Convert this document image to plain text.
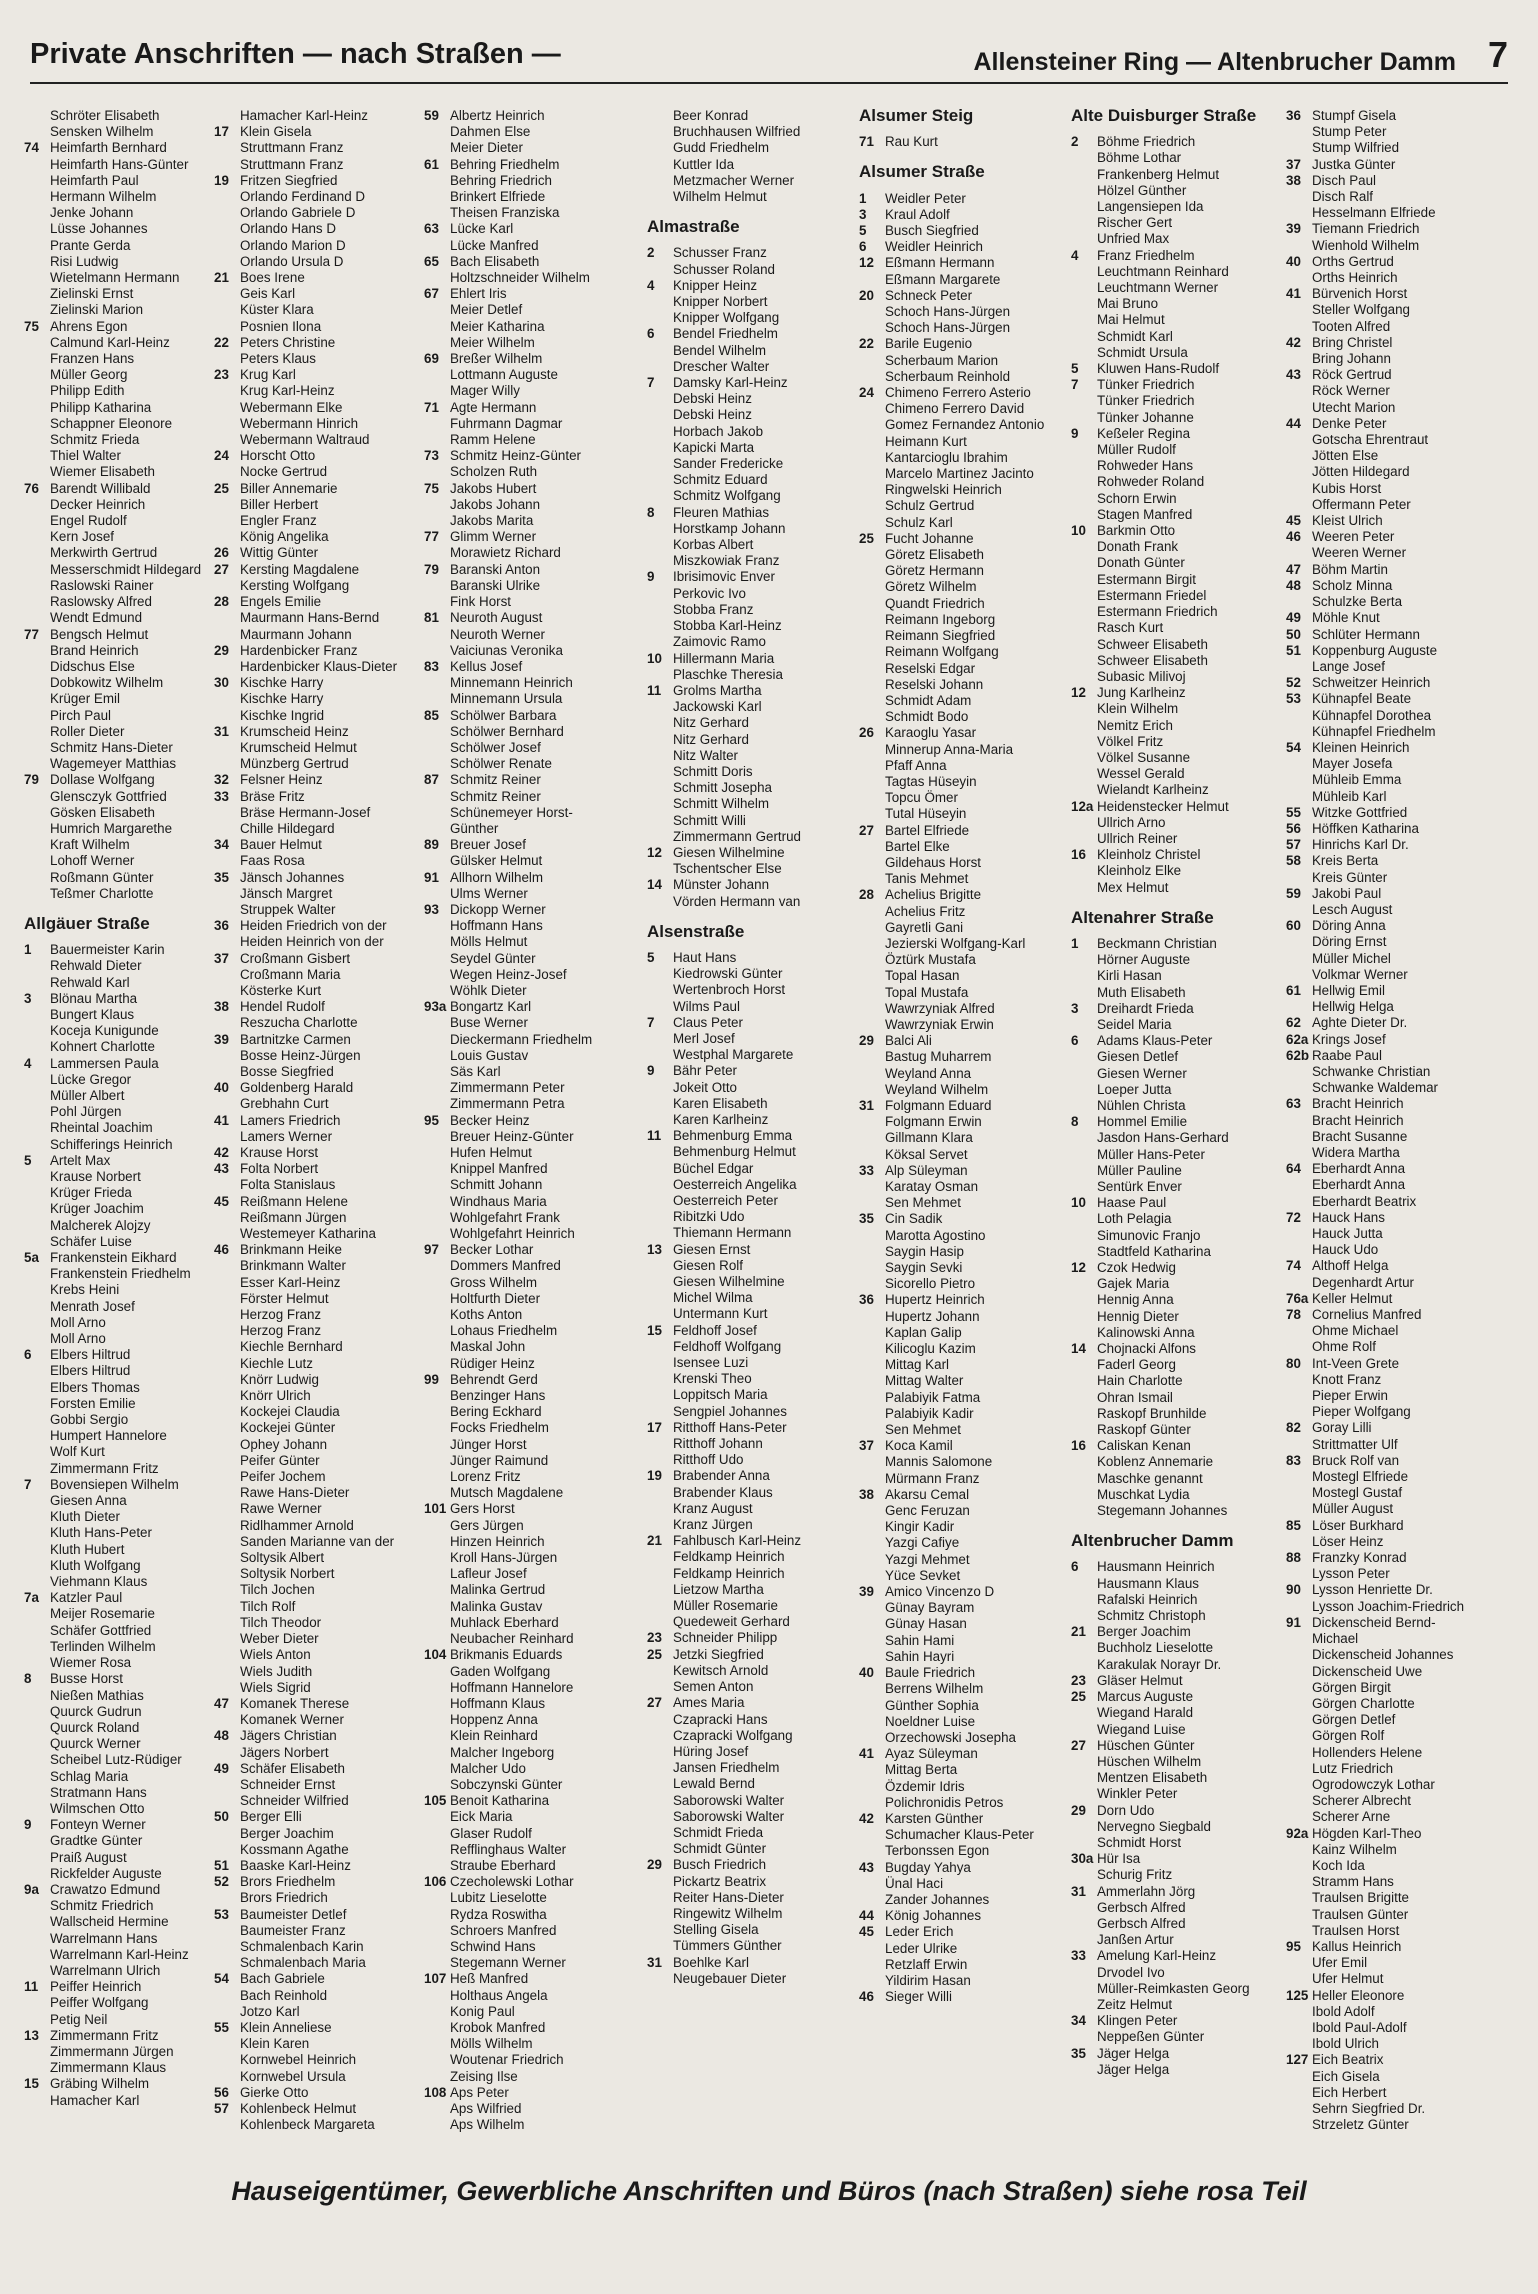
Private Anschriften — nach Straßen —	Allensteiner Ring — Altenbrucher Damm 7
Schröter Elisabeth
Sensken Wilhelm
74 Heimfarth Bernhard
Heimfarth Hans-Günter
Heimfarth Paul
Hermann Wilhelm
Jenke Johann
Lüsse Johannes
Prante Gerda
Risi Ludwig
Wietelmann Hermann
Zielinski Ernst
Zielinski Marion
75 Ahrens Egon
Calmund Karl-Heinz
Franzen Hans
Müller Georg
Philipp Edith
Philipp Katharina
Schappner Eleonore
Schmitz Frieda
Thiel Walter
Wiemer Elisabeth
76 Barendt Willibald
Decker Heinrich
Engel Rudolf
Kern Josef
Merkwirth Gertrud
Messerschmidt Hildegard
Raslowski Rainer
Raslowsky Alfred
Wendt Edmund
77 Bengsch Helmut
Brand Heinrich
Didschus Else
Dobkowitz Wilhelm
Krüger Emil
Pirch Paul
Roller Dieter
Schmitz Hans-Dieter
Wagemeyer Matthias
79 Dollase Wolfgang
Glensczyk Gottfried
Gösken Elisabeth
Humrich Margarethe
Kraft Wilhelm
Lohoff Werner
Roßmann Günter
Teßmer Charlotte
Allgäuer Straße
1 Bauermeister Karin
Rehwald Dieter
Rehwald Karl
3 Blönau Martha
Bungert Klaus
Koceja Kunigunde
Kohnert Charlotte
4 Lammersen Paula
Lücke Gregor
Müller Albert
Pohl Jürgen
Rheintal Joachim
Schifferings Heinrich
5 Artelt Max
Krause Norbert
Krüger Frieda
Krüger Joachim
Malcherek Alojzy
Schäfer Luise
5a Frankenstein Eikhard
Frankenstein Friedhelm
Krebs Heini
Menrath Josef
Moll Arno
Moll Arno
6 Elbers Hiltrud
Elbers Hiltrud
Elbers Thomas
Forsten Emilie
Gobbi Sergio
Humpert Hannelore
Wolf Kurt
Zimmermann Fritz
7 Bovensiepen Wilhelm
Giesen Anna
Kluth Dieter
Kluth Hans-Peter
Kluth Hubert
Kluth Wolfgang
Viehmann Klaus
7a Katzler Paul
Meijer Rosemarie
Schäfer Gottfried
Terlinden Wilhelm
Wiemer Rosa
8 Busse Horst
Nießen Mathias
Quurck Gudrun
Quurck Roland
Quurck Werner
Scheibel Lutz-Rüdiger
Schlag Maria
Stratmann Hans
Wilmschen Otto
9 Fonteyn Werner
Gradtke Günter
Praiß August
Rickfelder Auguste
9a Crawatzo Edmund
Schmitz Friedrich
Wallscheid Hermine
Warrelmann Hans
Warrelmann Karl-Heinz
Warrelmann Ulrich
11 Peiffer Heinrich
Peiffer Wolfgang
Petig Neil
13 Zimmermann Fritz
Zimmermann Jürgen
Zimmermann Klaus
15 Gräbing Wilhelm
Hamacher Karl
Hamacher Karl-Heinz
17 Klein Gisela
Struttmann Franz
Struttmann Franz
19 Fritzen Siegfried
Orlando Ferdinand D
Orlando Gabriele D
Orlando Hans D
Orlando Marion D
Orlando Ursula D
21 Boes Irene
Geis Karl
Küster Klara
Posnien Ilona
22 Peters Christine
Peters Klaus
23 Krug Karl
Krug Karl-Heinz
Webermann Elke
Webermann Hinrich
Webermann Waltraud
24 Horscht Otto
Nocke Gertrud
25 Biller Annemarie
Biller Herbert
Engler Franz
König Angelika
26 Wittig Günter
27 Kersting Magdalene
Kersting Wolfgang
28 Engels Emilie
Maurmann Hans-Bernd
Maurmann Johann
29 Hardenbicker Franz
Hardenbicker Klaus-Dieter
30 Kischke Harry
Kischke Harry
Kischke Ingrid
31 Krumscheid Heinz
Krumscheid Helmut
Münzberg Gertrud
32 Felsner Heinz
33 Bräse Fritz
Bräse Hermann-Josef
Chille Hildegard
34 Bauer Helmut
Faas Rosa
35 Jänsch Johannes
Jänsch Margret
Struppek Walter
36 Heiden Friedrich von der
Heiden Heinrich von der
37 Croßmann Gisbert
Croßmann Maria
Kösterke Kurt
38 Hendel Rudolf
Reszucha Charlotte
39 Bartnitzke Carmen
Bosse Heinz-Jürgen
Bosse Siegfried
40 Goldenberg Harald
Grebhahn Curt
41 Lamers Friedrich
Lamers Werner
42 Krause Horst
43 Folta Norbert
Folta Stanislaus
45 Reißmann Helene
Reißmann Jürgen
Westemeyer Katharina
46 Brinkmann Heike
Brinkmann Walter
Esser Karl-Heinz
Förster Helmut
Herzog Franz
Herzog Franz
Kiechle Bernhard
Kiechle Lutz
Knörr Ludwig
Knörr Ulrich
Kockejei Claudia
Kockejei Günter
Ophey Johann
Peifer Günter
Peifer Jochem
Rawe Hans-Dieter
Rawe Werner
Ridlhammer Arnold
Sanden Marianne van der
Soltysik Albert
Soltysik Norbert
Tilch Jochen
Tilch Rolf
Tilch Theodor
Weber Dieter
Wiels Anton
Wiels Judith
Wiels Sigrid
47 Komanek Therese
Komanek Werner
48 Jägers Christian
Jägers Norbert
49 Schäfer Elisabeth
Schneider Ernst
Schneider Wilfried
50 Berger Elli
Berger Joachim
Kossmann Agathe
51 Baaske Karl-Heinz
52 Brors Friedhelm
Brors Friedrich
53 Baumeister Detlef
Baumeister Franz
Schmalenbach Karin
Schmalenbach Maria
54 Bach Gabriele
Bach Reinhold
Jotzo Karl
55 Klein Anneliese
Klein Karen
Kornwebel Heinrich
Kornwebel Ursula
56 Gierke Otto
57 Kohlenbeck Helmut
Kohlenbeck Margareta
59 Albertz Heinrich
Dahmen Else
Meier Dieter
61 Behring Friedhelm
Behring Friedrich
Brinkert Elfriede
Theisen Franziska
63 Lücke Karl
Lücke Manfred
65 Bach Elisabeth
Holtzschneider Wilhelm
67 Ehlert Iris
Meier Detlef
Meier Katharina
Meier Wilhelm
69 Breßer Wilhelm
Lottmann Auguste
Mager Willy
71 Agte Hermann
Fuhrmann Dagmar
Ramm Helene
73 Schmitz Heinz-Günter
Scholzen Ruth
75 Jakobs Hubert
Jakobs Johann
Jakobs Marita
77 Glimm Werner
Morawietz Richard
79 Baranski Anton
Baranski Ulrike
Fink Horst
81 Neuroth August
Neuroth Werner
Vaiciunas Veronika
83 Kellus Josef
Minnemann Heinrich
Minnemann Ursula
85 Schölwer Barbara
Schölwer Bernhard
Schölwer Josef
Schölwer Renate
87 Schmitz Reiner
Schmitz Reiner
Schünemeyer Horst-
Günther
89 Breuer Josef
Gülsker Helmut
91 Allhorn Wilhelm
Ulms Werner
93 Dickopp Werner
Hoffmann Hans
Mölls Helmut
Seydel Günter
Wegen Heinz-Josef
Wöhlk Dieter
93a Bongartz Karl
Buse Werner
Dieckermann Friedhelm
Louis Gustav
Säs Karl
Zimmermann Peter
Zimmermann Petra
95 Becker Heinz
Breuer Heinz-Günter
Hufen Helmut
Knippel Manfred
Schmitt Johann
Windhaus Maria
Wohlgefahrt Frank
Wohlgefahrt Heinrich
97 Becker Lothar
Dommers Manfred
Gross Wilhelm
Holtfurth Dieter
Koths Anton
Lohaus Friedhelm
Maskal John
Rüdiger Heinz
99 Behrendt Gerd
Benzinger Hans
Bering Eckhard
Focks Friedhelm
Jünger Horst
Jünger Raimund
Lorenz Fritz
Mutsch Magdalene
101 Gers Horst
Gers Jürgen
Hinzen Heinrich
Kroll Hans-Jürgen
Lafleur Josef
Malinka Gertrud
Malinka Gustav
Muhlack Eberhard
Neubacher Reinhard
104 Brikmanis Eduards
Gaden Wolfgang
Hoffmann Hannelore
Hoffmann Klaus
Hoppenz Anna
Klein Reinhard
Malcher Ingeborg
Malcher Udo
Sobczynski Günter
105 Benoit Katharina
Eick Maria
Glaser Rudolf
Refflinghaus Walter
Straube Eberhard
106 Czecholewski Lothar
Lubitz Lieselotte
Rydza Roswitha
Schroers Manfred
Schwind Hans
Stegemann Werner
107 Heß Manfred
Holthaus Angela
Konig Paul
Krobok Manfred
Mölls Wilhelm
Woutenar Friedrich
Zeising Ilse
108 Aps Peter
Aps Wilfried
Aps Wilhelm
Beer Konrad
Bruchhausen Wilfried
Gudd Friedhelm
Kuttler Ida
Metzmacher Werner
Wilhelm Helmut
Almastraße
2 Schusser Franz
Schusser Roland
4 Knipper Heinz
Knipper Norbert
Knipper Wolfgang
6 Bendel Friedhelm
Bendel Wilhelm
Drescher Walter
7 Damsky Karl-Heinz
Debski Heinz
Debski Heinz
Horbach Jakob
Kapicki Marta
Sander Fredericke
Schmitz Eduard
Schmitz Wolfgang
8 Fleuren Mathias
Horstkamp Johann
Korbas Albert
Miszkowiak Franz
9 Ibrisimovic Enver
Perkovic Ivo
Stobba Franz
Stobba Karl-Heinz
Zaimovic Ramo
10 Hillermann Maria
Plaschke Theresia
11 Grolms Martha
Jackowski Karl
Nitz Gerhard
Nitz Gerhard
Nitz Walter
Schmitt Doris
Schmitt Josepha
Schmitt Wilhelm
Schmitt Willi
Zimmermann Gertrud
12 Giesen Wilhelmine
Tschentscher Else
14 Münster Johann
Vörden Hermann van
Alsenstraße
5 Haut Hans
Kiedrowski Günter
Wertenbroch Horst
Wilms Paul
7 Claus Peter
Merl Josef
Westphal Margarete
9 Bähr Peter
Jokeit Otto
Karen Elisabeth
Karen Karlheinz
11 Behmenburg Emma
Behmenburg Helmut
Büchel Edgar
Oesterreich Angelika
Oesterreich Peter
Ribitzki Udo
Thiemann Hermann
13 Giesen Ernst
Giesen Rolf
Giesen Wilhelmine
Michel Wilma
Untermann Kurt
15 Feldhoff Josef
Feldhoff Wolfgang
Isensee Luzi
Krenski Theo
Loppitsch Maria
Sengpiel Johannes
17 Ritthoff Hans-Peter
Ritthoff Johann
Ritthoff Udo
19 Brabender Anna
Brabender Klaus
Kranz August
Kranz Jürgen
21 Fahlbusch Karl-Heinz
Feldkamp Heinrich
Feldkamp Heinrich
Lietzow Martha
Müller Rosemarie
Quedeweit Gerhard
23 Schneider Philipp
25 Jetzki Siegfried
Kewitsch Arnold
Semen Anton
27 Ames Maria
Czapracki Hans
Czapracki Wolfgang
Hüring Josef
Jansen Friedhelm
Lewald Bernd
Saborowski Walter
Saborowski Walter
Schmidt Frieda
Schmidt Günter
29 Busch Friedrich
Pickartz Beatrix
Reiter Hans-Dieter
Ringewitz Wilhelm
Stelling Gisela
Tümmers Günther
31 Boehlke Karl
Neugebauer Dieter
Alsumer Steig
71 Rau Kurt
Alsumer Straße
1 Weidler Peter
3 Kraul Adolf
5 Busch Siegfried
6 Weidler Heinrich
12 Eßmann Hermann
Eßmann Margarete
20 Schneck Peter
Schoch Hans-Jürgen
Schoch Hans-Jürgen
22 Barile Eugenio
Scherbaum Marion
Scherbaum Reinhold
24 Chimeno Ferrero Asterio
Chimeno Ferrero David
Gomez Fernandez Antonio
Heimann Kurt
Kantarcioglu Ibrahim
Marcelo Martinez Jacinto
Ringwelski Heinrich
Schulz Gertrud
Schulz Karl
25 Fucht Johanne
Göretz Elisabeth
Göretz Hermann
Göretz Wilhelm
Quandt Friedrich
Reimann Ingeborg
Reimann Siegfried
Reimann Wolfgang
Reselski Edgar
Reselski Johann
Schmidt Adam
Schmidt Bodo
26 Karaoglu Yasar
Minnerup Anna-Maria
Pfaff Anna
Tagtas Hüseyin
Topcu Ömer
Tutal Hüseyin
27 Bartel Elfriede
Bartel Elke
Gildehaus Horst
Tanis Mehmet
28 Achelius Brigitte
Achelius Fritz
Gayretli Gani
Jezierski Wolfgang-Karl
Öztürk Mustafa
Topal Hasan
Topal Mustafa
Wawrzyniak Alfred
Wawrzyniak Erwin
29 Balci Ali
Bastug Muharrem
Weyland Anna
Weyland Wilhelm
31 Folgmann Eduard
Folgmann Erwin
Gillmann Klara
Köksal Servet
33 Alp Süleyman
Karatay Osman
Sen Mehmet
35 Cin Sadik
Marotta Agostino
Saygin Hasip
Saygin Sevki
Sicorello Pietro
36 Hupertz Heinrich
Hupertz Johann
Kaplan Galip
Kilicoglu Kazim
Mittag Karl
Mittag Walter
Palabiyik Fatma
Palabiyik Kadir
Sen Mehmet
37 Koca Kamil
Mannis Salomone
Mürmann Franz
38 Akarsu Cemal
Genc Feruzan
Kingir Kadir
Yazgi Cafiye
Yazgi Mehmet
Yüce Sevket
39 Amico Vincenzo D
Günay Bayram
Günay Hasan
Sahin Hami
Sahin Hayri
40 Baule Friedrich
Berrens Wilhelm
Günther Sophia
Noeldner Luise
Orzechowski Josepha
41 Ayaz Süleyman
Mittag Berta
Özdemir Idris
Polichronidis Petros
42 Karsten Günther
Schumacher Klaus-Peter
Terbonssen Egon
43 Bugday Yahya
Ünal Haci
Zander Johannes
44 König Johannes
45 Leder Erich
Leder Ulrike
Retzlaff Erwin
Yildirim Hasan
46 Sieger Willi
Alte Duisburger Straße
2 Böhme Friedrich
Böhme Lothar
Frankenberg Helmut
Hölzel Günther
Langensiepen Ida
Rischer Gert
Unfried Max
4 Franz Friedhelm
Leuchtmann Reinhard
Leuchtmann Werner
Mai Bruno
Mai Helmut
Schmidt Karl
Schmidt Ursula
5 Kluwen Hans-Rudolf
7 Tünker Friedrich
Tünker Friedrich
Tünker Johanne
9 Keßeler Regina
Müller Rudolf
Rohweder Hans
Rohweder Roland
Schorn Erwin
Stagen Manfred
10 Barkmin Otto
Donath Frank
Donath Günter
Estermann Birgit
Estermann Friedel
Estermann Friedrich
Rasch Kurt
Schweer Elisabeth
Schweer Elisabeth
Subasic Milivoj
12 Jung Karlheinz
Klein Wilhelm
Nemitz Erich
Völkel Fritz
Völkel Susanne
Wessel Gerald
Wielandt Karlheinz
12a Heidenstecker Helmut
Ullrich Arno
Ullrich Reiner
16 Kleinholz Christel
Kleinholz Elke
Mex Helmut
Altenahrer Straße
1 Beckmann Christian
Hörner Auguste
Kirli Hasan
Muth Elisabeth
3 Dreihardt Frieda
Seidel Maria
6 Adams Klaus-Peter
Giesen Detlef
Giesen Werner
Loeper Jutta
Nühlen Christa
8 Hommel Emilie
Jasdon Hans-Gerhard
Müller Hans-Peter
Müller Pauline
Sentürk Enver
10 Haase Paul
Loth Pelagia
Simunovic Franjo
Stadtfeld Katharina
12 Czok Hedwig
Gajek Maria
Hennig Anna
Hennig Dieter
Kalinowski Anna
14 Chojnacki Alfons
Faderl Georg
Hain Charlotte
Ohran Ismail
Raskopf Brunhilde
Raskopf Günter
16 Caliskan Kenan
Koblenz Annemarie
Maschke genannt
Muschkat Lydia
Stegemann Johannes
Altenbrucher Damm
6 Hausmann Heinrich
Hausmann Klaus
Rafalski Heinrich
Schmitz Christoph
21 Berger Joachim
Buchholz Lieselotte
Karakulak Norayr Dr.
23 Gläser Helmut
25 Marcus Auguste
Wiegand Harald
Wiegand Luise
27 Hüschen Günter
Hüschen Wilhelm
Mentzen Elisabeth
Winkler Peter
29 Dorn Udo
Nervegno Siegbald
Schmidt Horst
30a Hür Isa
Schurig Fritz
31 Ammerlahn Jörg
Gerbsch Alfred
Gerbsch Alfred
Janßen Artur
33 Amelung Karl-Heinz
Drvodel Ivo
Müller-Reimkasten Georg
Zeitz Helmut
34 Klingen Peter
Neppeßen Günter
35 Jäger Helga
Jäger Helga
36 Stumpf Gisela
Stump Peter
Stump Wilfried
37 Justka Günter
38 Disch Paul
Disch Ralf
Hesselmann Elfriede
39 Tiemann Friedrich
Wienhold Wilhelm
40 Orths Gertrud
Orths Heinrich
41 Bürvenich Horst
Steller Wolfgang
Tooten Alfred
42 Bring Christel
Bring Johann
43 Röck Gertrud
Röck Werner
Utecht Marion
44 Denke Peter
Gotscha Ehrentraut
Jötten Else
Jötten Hildegard
Kubis Horst
Offermann Peter
45 Kleist Ulrich
46 Weeren Peter
Weeren Werner
47 Böhm Martin
48 Scholz Minna
Schulzke Berta
49 Möhle Knut
50 Schlüter Hermann
51 Koppenburg Auguste
Lange Josef
52 Schweitzer Heinrich
53 Kühnapfel Beate
Kühnapfel Dorothea
Kühnapfel Friedhelm
54 Kleinen Heinrich
Mayer Josefa
Mühleib Emma
Mühleib Karl
55 Witzke Gottfried
56 Höffken Katharina
57 Hinrichs Karl Dr.
58 Kreis Berta
Kreis Günter
59 Jakobi Paul
Lesch August
60 Döring Anna
Döring Ernst
Müller Michel
Volkmar Werner
61 Hellwig Emil
Hellwig Helga
62 Aghte Dieter Dr.
62a Krings Josef
62b Raabe Paul
Schwanke Christian
Schwanke Waldemar
63 Bracht Heinrich
Bracht Heinrich
Bracht Susanne
Widera Martha
64 Eberhardt Anna
Eberhardt Anna
Eberhardt Beatrix
72 Hauck Hans
Hauck Jutta
Hauck Udo
74 Althoff Helga
Degenhardt Artur
76a Keller Helmut
78 Cornelius Manfred
Ohme Michael
Ohme Rolf
80 Int-Veen Grete
Knott Franz
Pieper Erwin
Pieper Wolfgang
82 Goray Lilli
Strittmatter Ulf
83 Bruck Rolf van
Mostegl Elfriede
Mostegl Gustaf
Müller August
85 Löser Burkhard
Löser Heinz
88 Franzky Konrad
Lysson Peter
90 Lysson Henriette Dr.
Lysson Joachim-Friedrich
91 Dickenscheid Bernd-
Michael
Dickenscheid Johannes
Dickenscheid Uwe
Görgen Birgit
Görgen Charlotte
Görgen Detlef
Görgen Rolf
Hollenders Helene
Lutz Friedrich
Ogrodowczyk Lothar
Scherer Albrecht
Scherer Arne
92a Högden Karl-Theo
Kainz Wilhelm
Koch Ida
Stramm Hans
Traulsen Brigitte
Traulsen Günter
Traulsen Horst
95 Kallus Heinrich
Ufer Emil
Ufer Helmut
125 Heller Eleonore
Ibold Adolf
Ibold Paul-Adolf
Ibold Ulrich
127 Eich Beatrix
Eich Gisela
Eich Herbert
Sehrn Siegfried Dr.
Strzeletz Günter
Hauseigentümer, Gewerbliche Anschriften und Büros (nach Straßen) siehe rosa Teil
